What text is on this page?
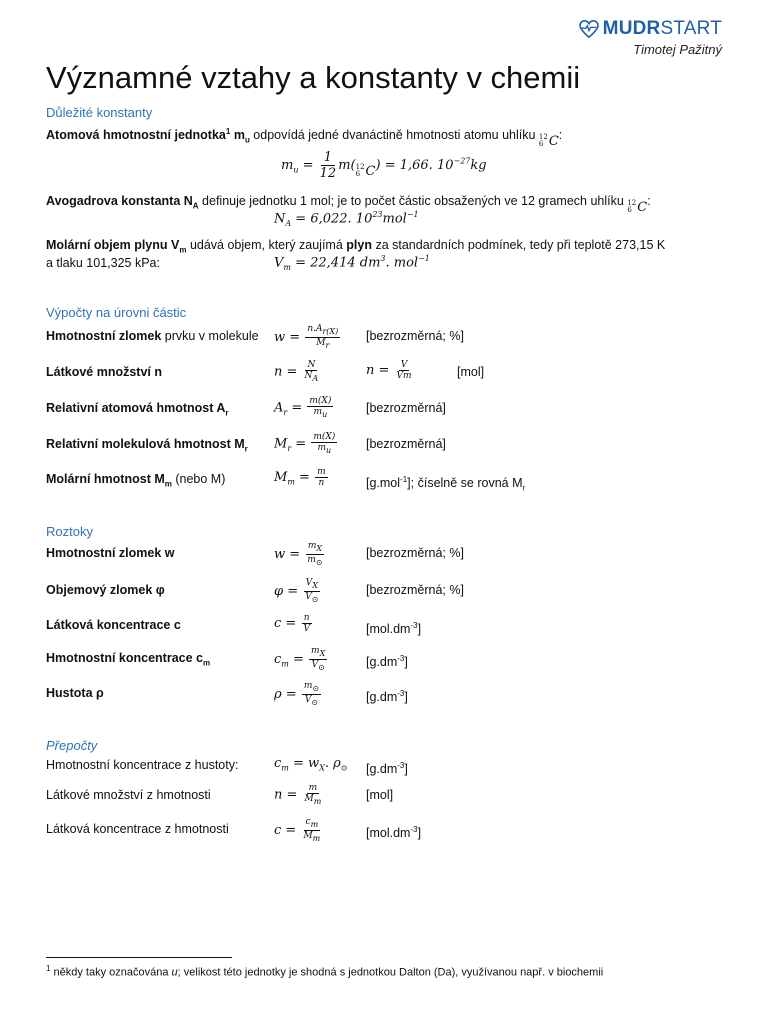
MUDRSTART
Timotej Pažitný
Významné vztahy a konstanty v chemii
Důležité konstanty
Atomová hmotnostní jednotka$^1$ $m_u$ odpovídá jedné dvanáctině hmotnosti atomu uhlíku 12
6 C :
$m_u = \frac{1}{12} m$( 12
6 C ) = 1,66. $10^{-27}kg$
Avogadrova konstanta $N_A$ definuje jednotku 1 mol; je to počet částic obsažených ve 12 gramech uhlíku 12
6 C :
$N_A = 6,022$. $10^{23}mol^{-1}$
Molární objem plynu $V_m$ udává objem, který zaujímá plyn za standardních podmínek, tedy při teplotě 273,15 K
a tlaku 101,325 kPa:	$V_m = 22,414$ $dm^3$. mol$^{-1}$
Výpočty na úrovni částic
Hmotnostní zlomek prvku v molekule $w = \frac{n.A_{r(X)}}{M_r}$ [bezrozměrná; %]
Látkové množství n	$n = \frac{N}{N_A}$	$n = \frac{V}{Vm}$	[mol]
Relativní atomová hmotnost $A_r$	$A_r = \frac{m(X)}{m_u}$	[bezrozměrná]
Relativní molekulová hmotnost $M_r$ $M_r = \frac{m(X)}{m_u}$ [bezrozměrná]
Molární hmotnost $M_m$ (nebo M)	$M_m = \frac{m}{n}$	[g.mol$^{-1}$]; číselně se rovná $M_r$
Roztoky
Hmotnostní zlomek w	$w = \frac{m_X}{m_⊙}$	[bezrozměrná; %]
Objemový zlomek φ	$\varphi = \frac{V_X}{V_⊙}$	[bezrozměrná; %]
Látková koncentrace c	$c = \frac{n}{V}$	$[mol.dm^{-3}]$
Hmotnostní koncentrace $c_m$	$c_m = \frac{m_X}{V_⊙}$	$[g.dm^{-3}]$
Hustota ρ	$\rho = \frac{m_⊙}{V_⊙}$	$[g.dm^{-3}]$
Přepočty
Hmotnostní koncentrace z hustoty:	$c_m = w_X$. $\rho_⊙$ $[g.dm^{-3}]$
Látkové množství z hmotnosti	$n = \frac{m}{M_m}$	[mol]
Látková koncentrace z hmotnosti	$c = \frac{c_m}{M_m}$	$[mol.dm^{-3}]$
$^1$ někdy taky označována u; velikost této jednotky je shodná s jednotkou Dalton (Da), využívanou např. v biochemii
